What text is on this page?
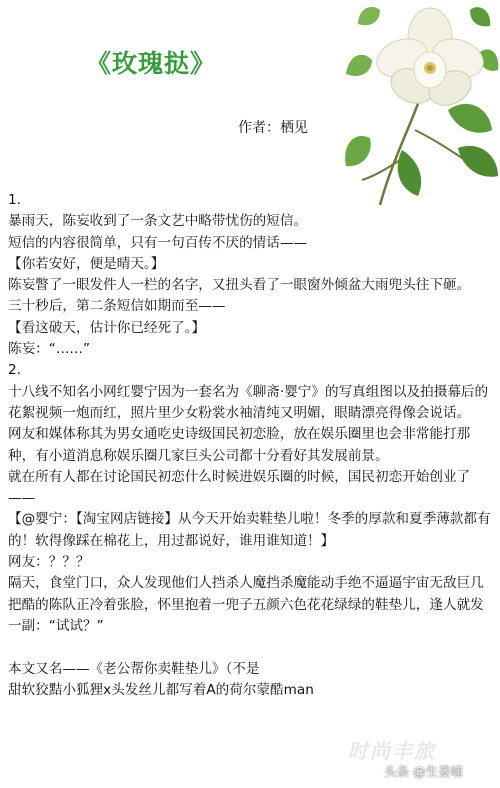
《玫瑰挞》
作者：栖见

1.

暴雨天，陈妄收到了一条文艺中略带忧伤的短信。

短信的内容很简单，只有一句百传不厌的情话——

【你若安好，便是晴天。】

陈妄瞥了一眼发件人一栏的名字，又扭头看了一眼窗外倾盆大雨兜头往下砸。

三十秒后，第二条短信如期而至——

【看这破天，估计你已经死了。】

陈妄：“……”

2.

十八线不知名小网红婴宁因为一套名为《聊斋·婴宁》的写真组图以及拍摄幕后的花絮视频一炮而红，照片里少女粉裳水袖清纯又明媚，眼睛漂亮得像会说话。

网友和媒体称其为男女通吃史诗级国民初恋脸，放在娱乐圈里也会非常能打那种，有小道消息称娱乐圈几家巨头公司都十分看好其发展前景。

就在所有人都在讨论国民初恋什么时候进娱乐圈的时候，国民初恋开始创业了——

【@婴宁：【淘宝网店链接】从今天开始卖鞋垫儿啦！冬季的厚款和夏季薄款都有的！软得像踩在棉花上，用过都说好，谁用谁知道！】

网友：？？？

隔天，食堂门口，众人发现他们人挡杀人魔挡杀魔能动手绝不逼逼宇宙无敌巨几把酷的陈队正冷着张脸，怀里抱着一兜子五颜六色花花绿绿的鞋垫儿，逢人就发一副：“试试？”

本文又名——《老公帮你卖鞋垫儿》（不是

甜软狡黠小狐狸x头发丝儿都写着A的荷尔蒙酷man

时尚丰旅
头条 @生姜喵
